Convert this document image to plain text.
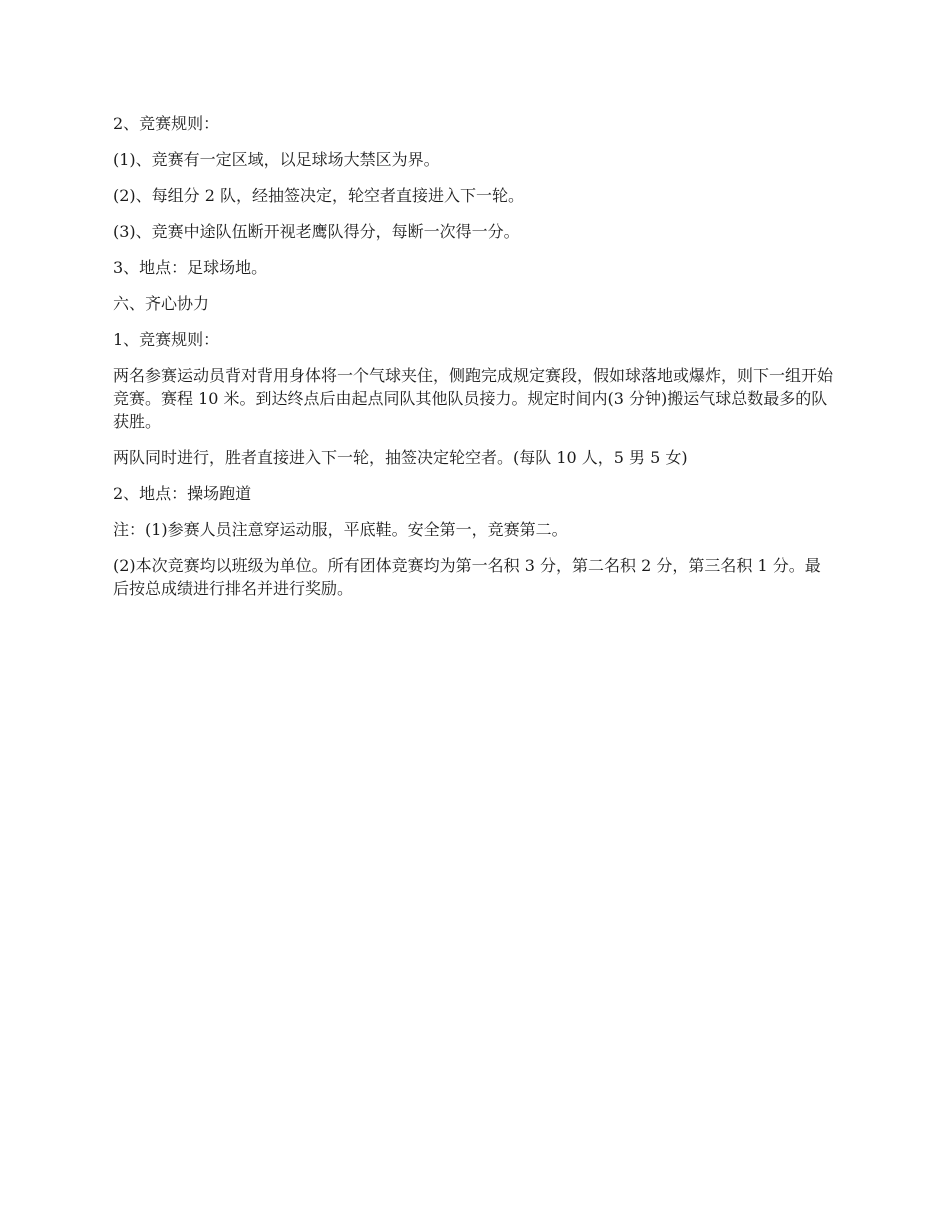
2、竞赛规则：

(1)、竞赛有一定区域，以足球场大禁区为界。

(2)、每组分 2 队，经抽签决定，轮空者直接进入下一轮。

(3)、竞赛中途队伍断开视老鹰队得分，每断一次得一分。

3、地点：足球场地。

六、齐心协力

1、竞赛规则：

两名参赛运动员背对背用身体将一个气球夹住，侧跑完成规定赛段，假如球落地或爆炸，则下一组开始竞赛。赛程 10 米。到达终点后由起点同队其他队员接力。规定时间内(3 分钟)搬运气球总数最多的队获胜。

两队同时进行，胜者直接进入下一轮，抽签决定轮空者。(每队 10 人，5 男 5 女)

2、地点：操场跑道

注：(1)参赛人员注意穿运动服，平底鞋。安全第一，竞赛第二。

(2)本次竞赛均以班级为单位。所有团体竞赛均为第一名积 3 分，第二名积 2 分，第三名积 1 分。最后按总成绩进行排名并进行奖励。
